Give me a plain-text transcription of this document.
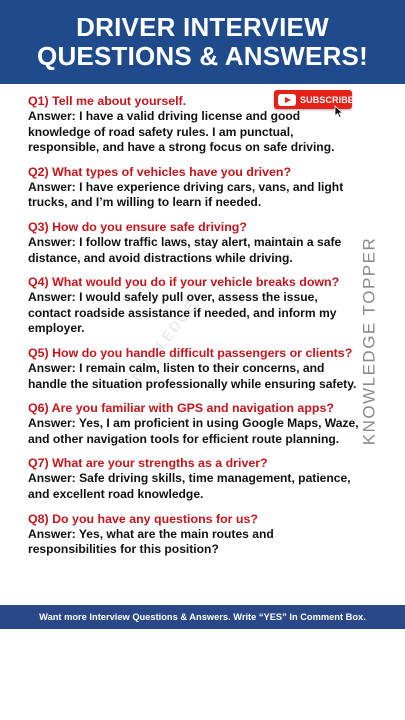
DRIVER INTERVIEW
QUESTIONS & ANSWERS!
KNOWLEDGE
Q1) Tell me about yourself.
Answer: I have a valid driving license and good knowledge of road safety rules. I am punctual, responsible, and have a strong focus on safe driving.
Q2) What types of vehicles have you driven?
Answer: I have experience driving cars, vans, and light trucks, and I’m willing to learn if needed.
Q3) How do you ensure safe driving?
Answer: I follow traffic laws, stay alert, maintain a safe distance, and avoid distractions while driving.
Q4) What would you do if your vehicle breaks down?
Answer: I would safely pull over, assess the issue, contact roadside assistance if needed, and inform my employer.
Q5) How do you handle difficult passengers or clients?
Answer: I remain calm, listen to their concerns, and handle the situation professionally while ensuring safety.
Q6) Are you familiar with GPS and navigation apps?
Answer: Yes, I am proficient in using Google Maps, Waze, and other navigation tools for efficient route planning.
Q7) What are your strengths as a driver?
Answer: Safe driving skills, time management, patience, and excellent road knowledge.
Q8) Do you have any questions for us?
Answer: Yes, what are the main routes and responsibilities for this position?
SUBSCRIBE
KNOWLEDGE TOPPER
Want more Interview Questions & Answers. Write “YES” In Comment Box.
